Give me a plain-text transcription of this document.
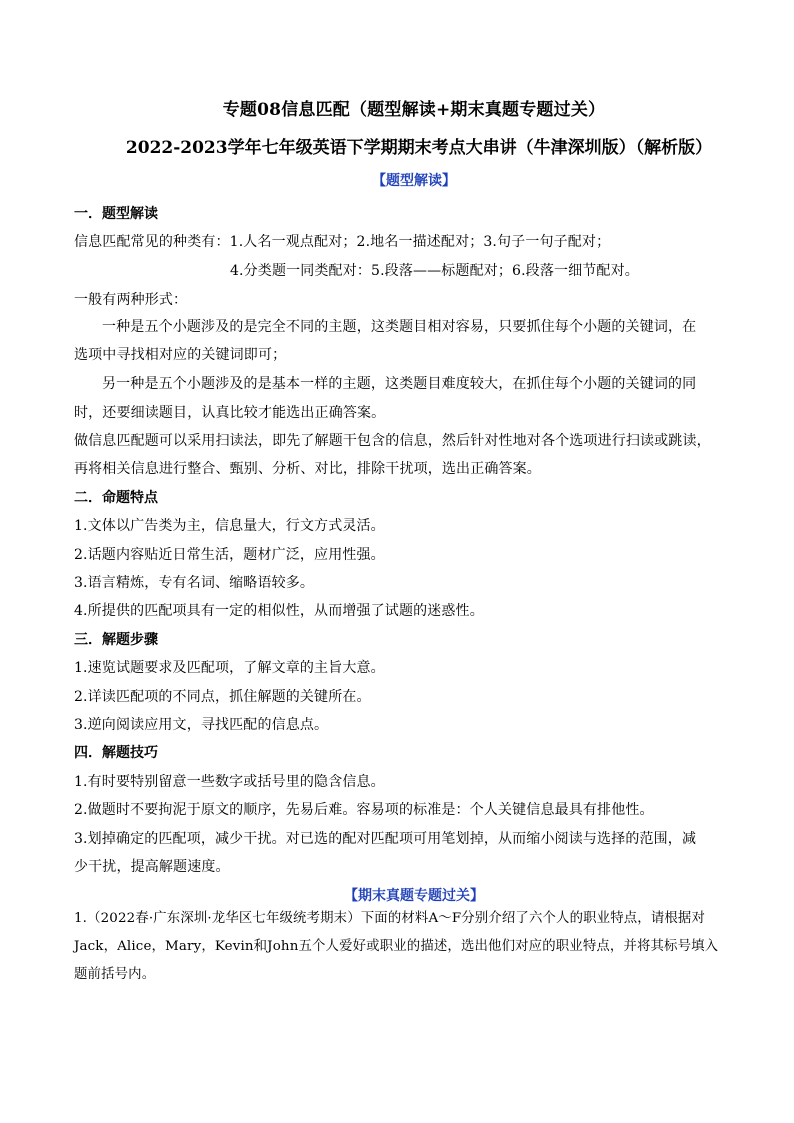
专题08信息匹配（题型解读+期末真题专题过关）
2022-2023学年七年级英语下学期期末考点大串讲（牛津深圳版）（解析版）
【题型解读】
一．题型解读
信息匹配常见的种类有：1.人名一观点配对；2.地名一描述配对；3.句子一句子配对；
4.分类题一同类配对：5.段落——标题配对；6.段落一细节配对。
一般有两种形式：
一种是五个小题涉及的是完全不同的主题，这类题目相对容易，只要抓住每个小题的关键词，在
选项中寻找相对应的关键词即可；
另一种是五个小题涉及的是基本一样的主题，这类题目难度较大，在抓住每个小题的关键词的同
时，还要细读题目，认真比较才能选出正确答案。
做信息匹配题可以采用扫读法，即先了解题干包含的信息，然后针对性地对各个选项进行扫读或跳读，
再将相关信息进行整合、甄别、分析、对比，排除干扰项，选出正确答案。
二．命题特点
1.文体以广告类为主，信息量大，行文方式灵活。
2.话题内容贴近日常生活，题材广泛，应用性强。
3.语言精炼，专有名词、缩略语较多。
4.所提供的匹配项具有一定的相似性，从而增强了试题的迷惑性。
三．解题步骤
1.速览试题要求及匹配项，了解文章的主旨大意。
2.详读匹配项的不同点，抓住解题的关键所在。
3.逆向阅读应用文，寻找匹配的信息点。
四．解题技巧
1.有时要特别留意一些数字或括号里的隐含信息。
2.做题时不要拘泥于原文的顺序，先易后难。容易项的标准是：个人关键信息最具有排他性。
3.划掉确定的匹配项，减少干扰。对已选的配对匹配项可用笔划掉，从而缩小阅读与选择的范围，减
少干扰，提高解题速度。
【期末真题专题过关】
1.（2022春·广东深圳·龙华区七年级统考期末）下面的材料A～F分别介绍了六个人的职业特点，请根据对
Jack，Alice，Mary，Kevin和John五个人爱好或职业的描述，选出他们对应的职业特点，并将其标号填入
题前括号内。
